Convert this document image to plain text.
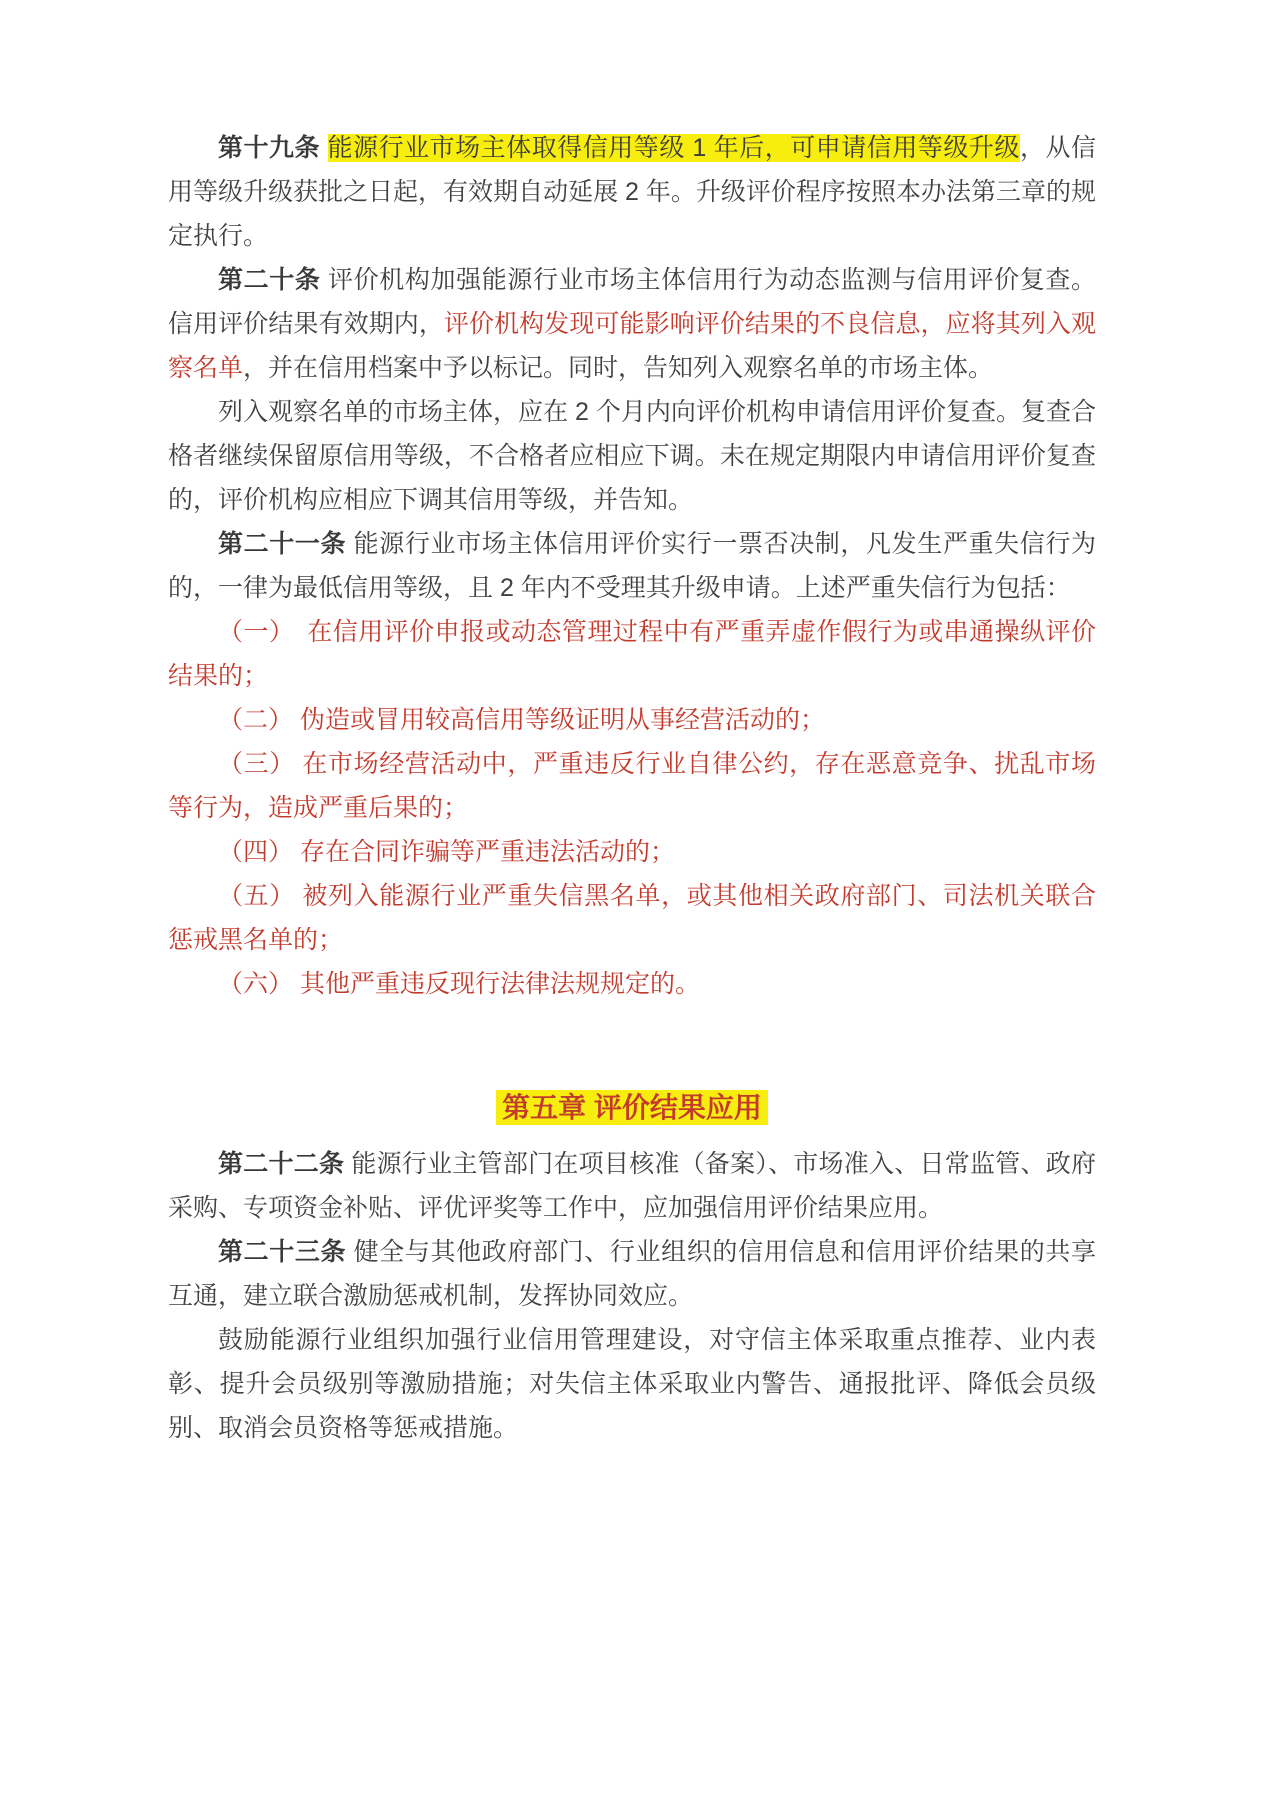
第十九条 能源行业市场主体取得信用等级 1 年后，可申请信用等级升级，从信用等级升级获批之日起，有效期自动延展 2 年。升级评价程序按照本办法第三章的规定执行。

第二十条 评价机构加强能源行业市场主体信用行为动态监测与信用评价复查。信用评价结果有效期内，评价机构发现可能影响评价结果的不良信息，应将其列入观察名单，并在信用档案中予以标记。同时，告知列入观察名单的市场主体。

列入观察名单的市场主体，应在 2 个月内向评价机构申请信用评价复查。复查合格者继续保留原信用等级，不合格者应相应下调。未在规定期限内申请信用评价复查的，评价机构应相应下调其信用等级，并告知。

第二十一条 能源行业市场主体信用评价实行一票否决制，凡发生严重失信行为的，一律为最低信用等级，且 2 年内不受理其升级申请。上述严重失信行为包括：

（一）　在信用评价申报或动态管理过程中有严重弄虚作假行为或串通操纵评价结果的；

（二） 伪造或冒用较高信用等级证明从事经营活动的；

（三） 在市场经营活动中，严重违反行业自律公约，存在恶意竞争、扰乱市场等行为，造成严重后果的；

（四） 存在合同诈骗等严重违法活动的；

（五） 被列入能源行业严重失信黑名单，或其他相关政府部门、司法机关联合惩戒黑名单的；

（六） 其他严重违反现行法律法规规定的。

第五章 评价结果应用

第二十二条 能源行业主管部门在项目核准（备案）、市场准入、日常监管、政府采购、专项资金补贴、评优评奖等工作中，应加强信用评价结果应用。

第二十三条 健全与其他政府部门、行业组织的信用信息和信用评价结果的共享互通，建立联合激励惩戒机制，发挥协同效应。

鼓励能源行业组织加强行业信用管理建设，对守信主体采取重点推荐、业内表彰、提升会员级别等激励措施；对失信主体采取业内警告、通报批评、降低会员级别、取消会员资格等惩戒措施。
